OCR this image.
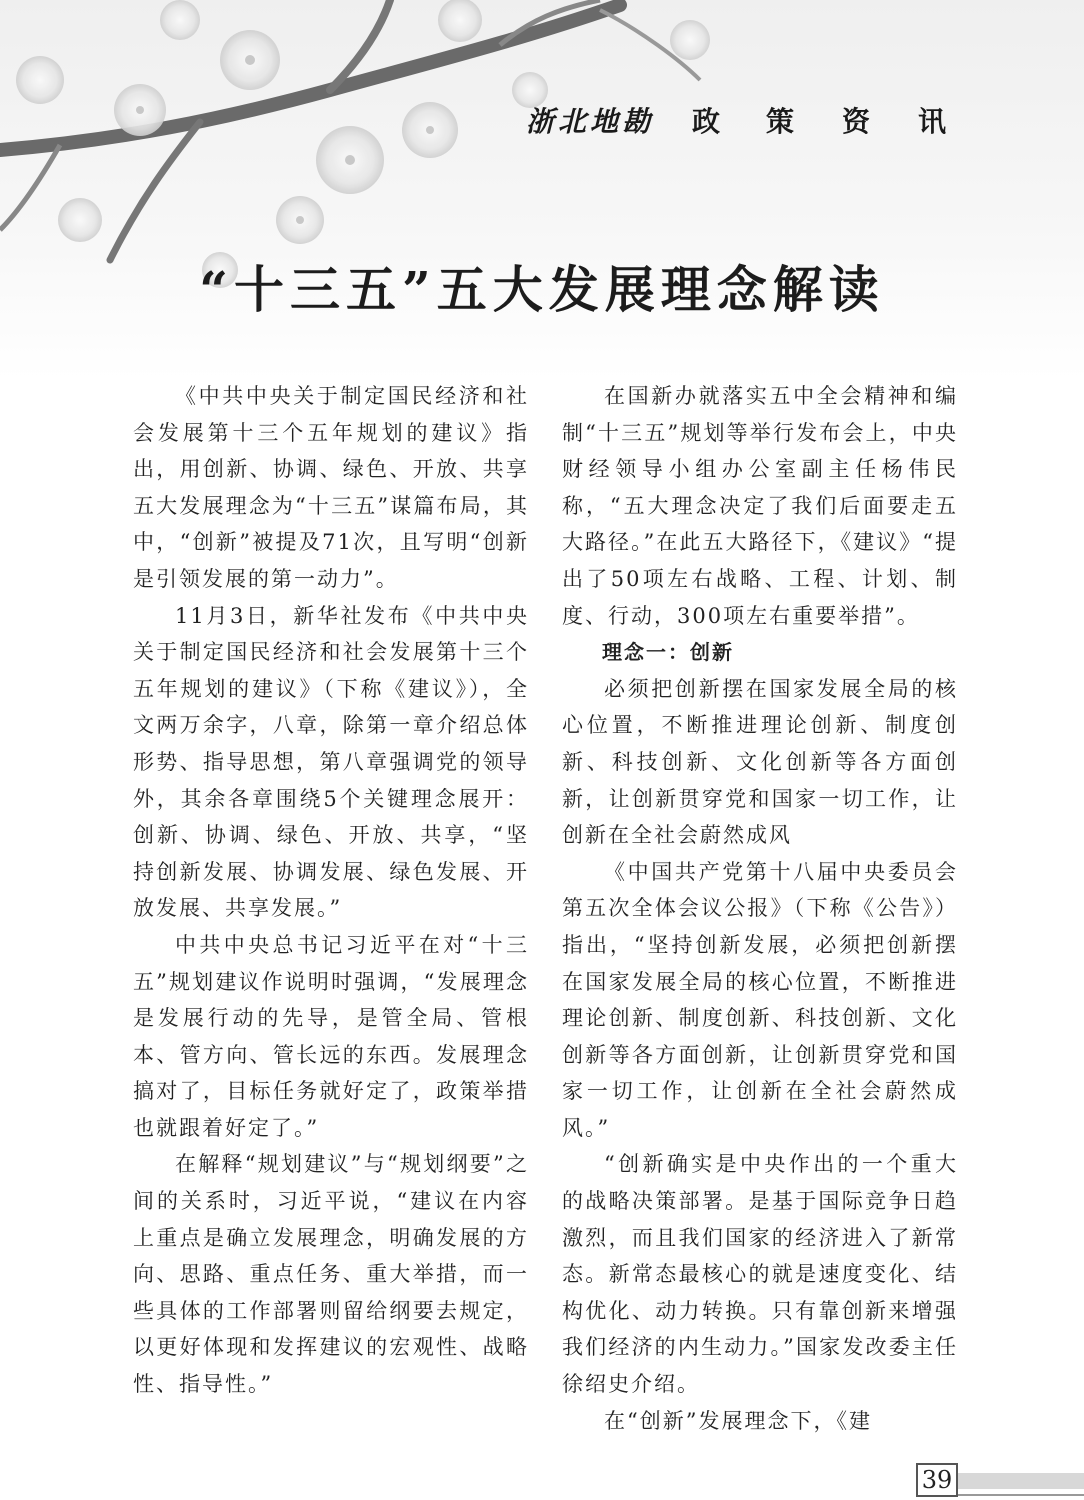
浙 北 地 勘 政 策 资 讯
“十三五”五大发展理念解读

《中共中央关于制定国民经济和社会发展第十三个五年规划的建议》指出，用创新、协调、绿色、开放、共享五大发展理念为“十三五”谋篇布局，其中，“创新”被提及71次，且写明“创新是引领发展的第一动力”。

11月3日，新华社发布《中共中央关于制定国民经济和社会发展第十三个五年规划的建议》（下称《建议》），全文两万余字，八章，除第一章介绍总体形势、指导思想，第八章强调党的领导外，其余各章围绕5个关键理念展开：创新、协调、绿色、开放、共享，“坚持创新发展、协调发展、绿色发展、开放发展、共享发展。”

中共中央总书记习近平在对“十三五”规划建议作说明时强调，“发展理念是发展行动的先导，是管全局、管根本、管方向、管长远的东西。发展理念搞对了，目标任务就好定了，政策举措也就跟着好定了。”

在解释“规划建议”与“规划纲要”之间的关系时，习近平说，“建议在内容上重点是确立发展理念，明确发展的方向、思路、重点任务、重大举措，而一些具体的工作部署则留给纲要去规定，以更好体现和发挥建议的宏观性、战略性、指导性。”

在国新办就落实五中全会精神和编制“十三五”规划等举行发布会上，中央财经领导小组办公室副主任杨伟民称，“五大理念决定了我们后面要走五大路径。”在此五大路径下，《建议》“提出了50项左右战略、工程、计划、制度、行动，300项左右重要举措”。

理念一：创新

必须把创新摆在国家发展全局的核心位置，不断推进理论创新、制度创新、科技创新、文化创新等各方面创新，让创新贯穿党和国家一切工作，让创新在全社会蔚然成风

《中国共产党第十八届中央委员会第五次全体会议公报》（下称《公告》）指出，“坚持创新发展，必须把创新摆在国家发展全局的核心位置，不断推进理论创新、制度创新、科技创新、文化创新等各方面创新，让创新贯穿党和国家一切工作，让创新在全社会蔚然成风。”

“创新确实是中央作出的一个重大的战略决策部署。是基于国际竞争日趋激烈，而且我们国家的经济进入了新常态。新常态最核心的就是速度变化、结构优化、动力转换。只有靠创新来增强我们经济的内生动力。”国家发改委主任徐绍史介绍。

在“创新”发展理念下，《建

39
